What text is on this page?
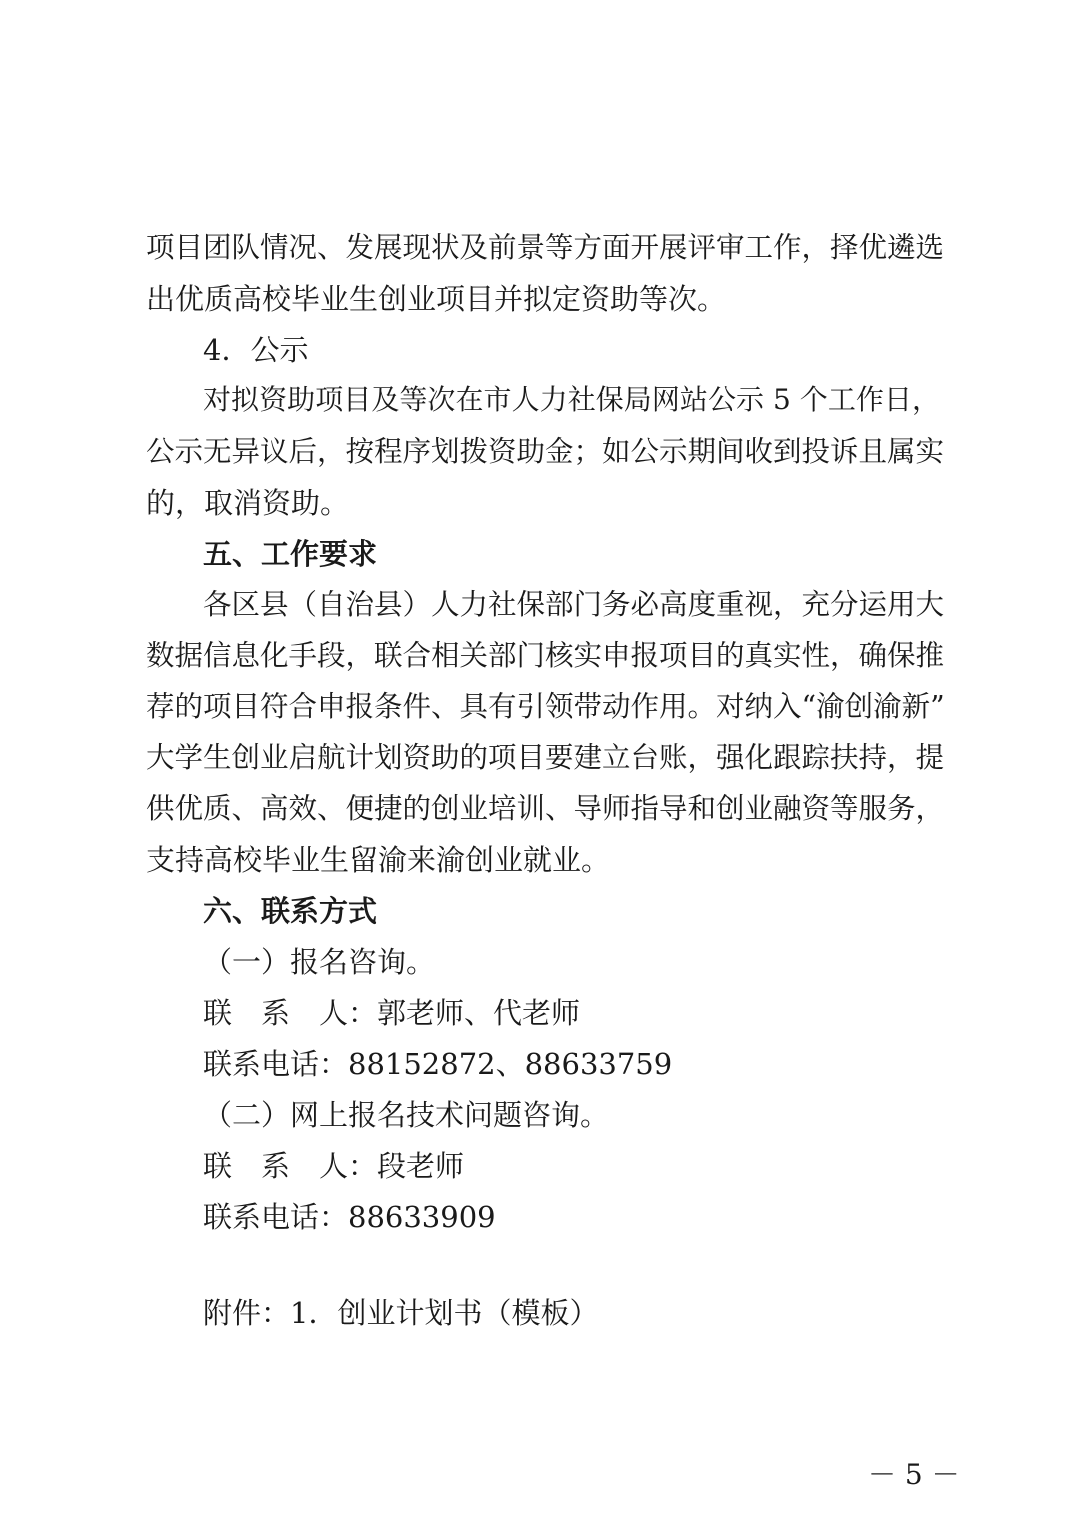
项目团队情况、发展现状及前景等方面开展评审工作，择优遴选

出优质高校毕业生创业项目并拟定资助等次。

4．公示

对拟资助项目及等次在市人力社保局网站公示 5 个工作日，

公示无异议后，按程序划拨资助金；如公示期间收到投诉且属实

的，取消资助。

五、工作要求

各区县（自治县）人力社保部门务必高度重视，充分运用大

数据信息化手段，联合相关部门核实申报项目的真实性，确保推

荐的项目符合申报条件、具有引领带动作用。对纳入“渝创渝新”

大学生创业启航计划资助的项目要建立台账，强化跟踪扶持，提

供优质、高效、便捷的创业培训、导师指导和创业融资等服务，

支持高校毕业生留渝来渝创业就业。

六、联系方式

（一）报名咨询。

联　系　人：郭老师、代老师

联系电话：88152872、88633759

（二）网上报名技术问题咨询。

联　系　人：段老师

联系电话：88633909

附件：1．创业计划书（模板）

－ 5 －
